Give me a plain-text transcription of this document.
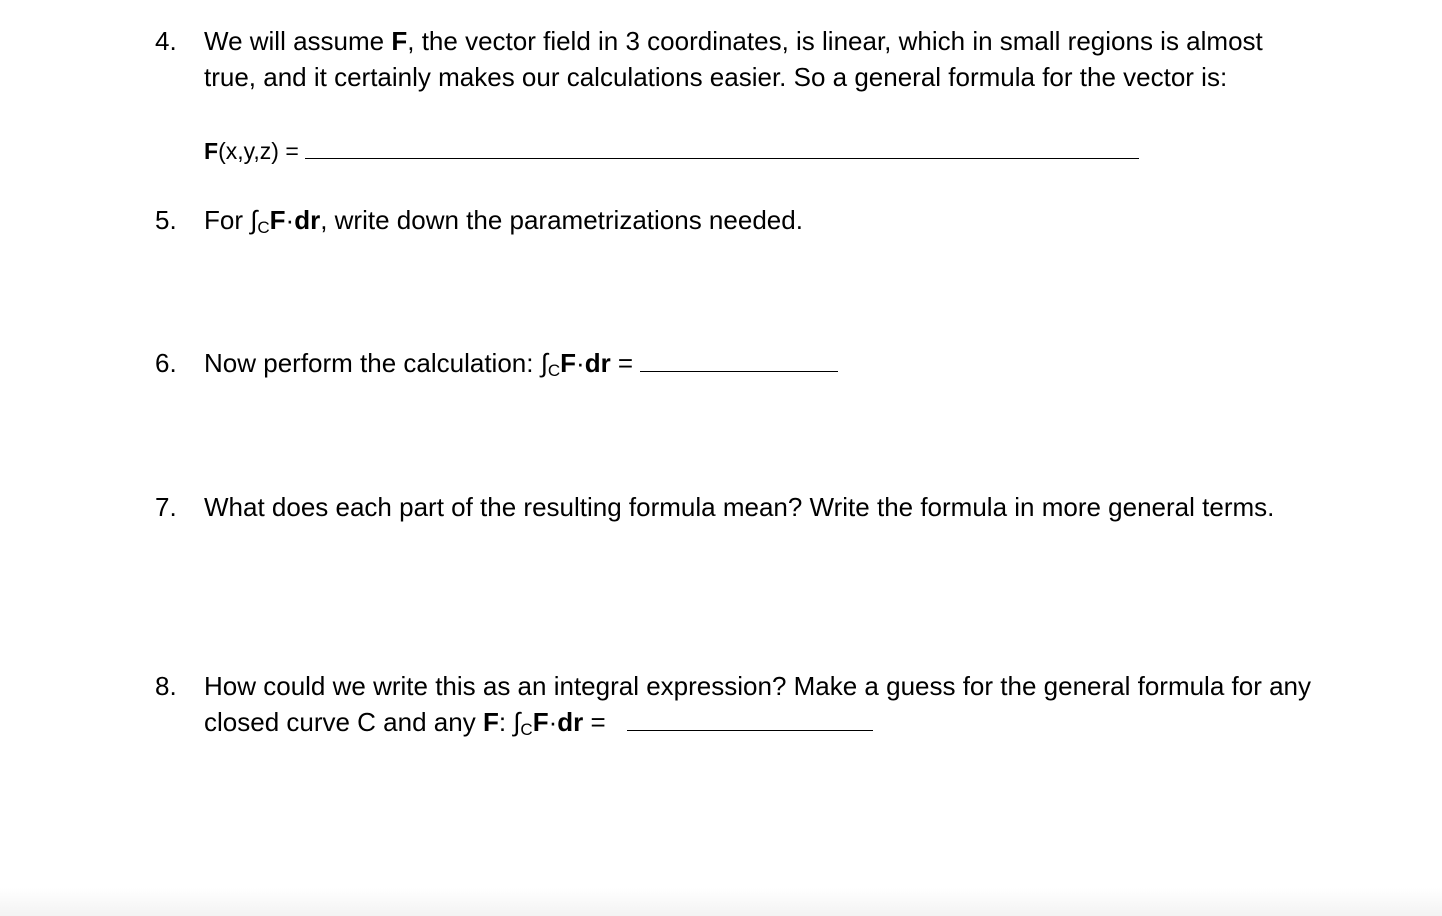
4. We will assume F, the vector field in 3 coordinates, is linear, which in small regions is almost
true, and it certainly makes our calculations easier. So a general formula for the vector is:
F(x,y,z) =
5. For $\int_CF\cdot dr$, write down the parametrizations needed.
6. Now perform the calculation: $\int_CF\cdot dr$ =
7. What does each part of the resulting formula mean? Write the formula in more general terms.
8. How could we write this as an integral expression? Make a guess for the general formula for any
closed curve C and any F: $\int_CF\cdot dr$ =
